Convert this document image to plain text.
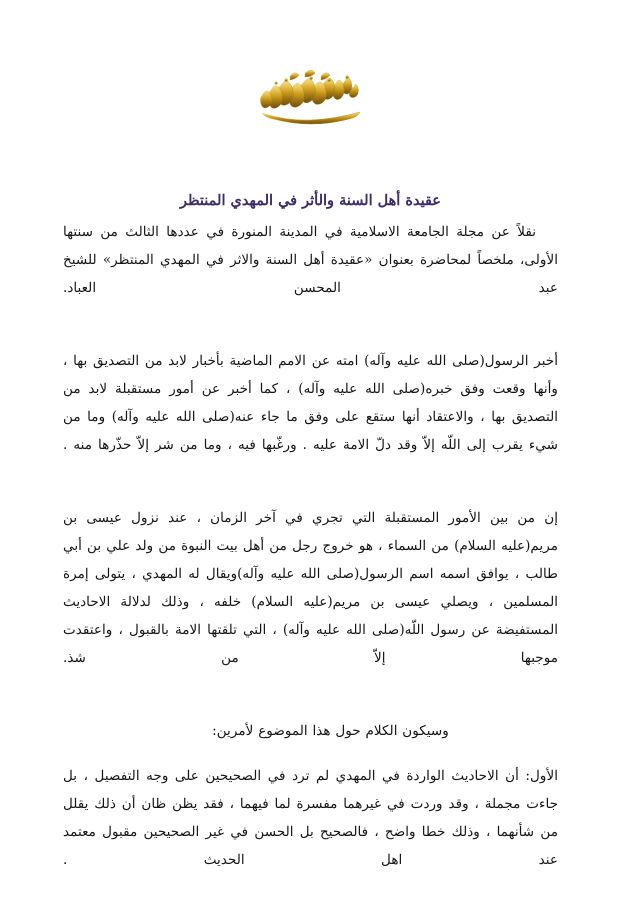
عقيدة أهل السنة والأثر في المهدي المنتظر

نقلاً عن مجلة الجامعة الاسلامية في المدينة المنورة في عددها الثالث من سنتها الأولى، ملخصاً لمحاضرة بعنوان «عقيدة أهل السنة والاثر في المهدي المنتظر» للشيخ عبد المحسن العباد.

أخبر الرسول(صلى الله عليه وآله) امته عن الامم الماضية بأخبار لابد من التصديق بها ، وأنها وقعت وفق خبره(صلى الله عليه وآله) ، كما أخبر عن أمور مستقبلة لابد من التصديق بها ، والاعتقاد أنها ستقع على وفق ما جاء عنه(صلى الله عليه وآله) وما من شيء يقرب إلى اللّه إلاّ وقد دلّ الامة عليه . ورغّبها فيه ، وما من شر إلاّ حذّرها منه .

إن من بين الأمور المستقبلة التي تجري في آخر الزمان ، عند نزول عيسى بن مريم(عليه السلام) من السماء ، هو خروج رجل من أهل بيت النبوة من ولد علي بن أبي طالب ، يوافق اسمه اسم الرسول(صلى الله عليه وآله)ويقال له المهدي ، يتولى إمرة المسلمين ، ويصلي عيسى بن مريم(عليه السلام) خلفه ، وذلك لدلالة الاحاديث المستفيضة عن رسول اللّه(صلى الله عليه وآله) ، التي تلقتها الامة بالقبول ، واعتقدت موجبها إلاّ من شذ.

وسيكون الكلام حول هذا الموضوع لأمرين:

الأول: أن الاحاديث الواردة في المهدي لم ترد في الصحيحين على وجه التفصيل ، بل جاءت مجملة ، وقد وردت في غيرهما مفسرة لما فيهما ، فقد يظن ظان أن ذلك يقلل من شأنهما ، وذلك خطا واضح ، فالصحيح بل الحسن في غير الصحيحين مقبول معتمد عند اهل الحديث .
